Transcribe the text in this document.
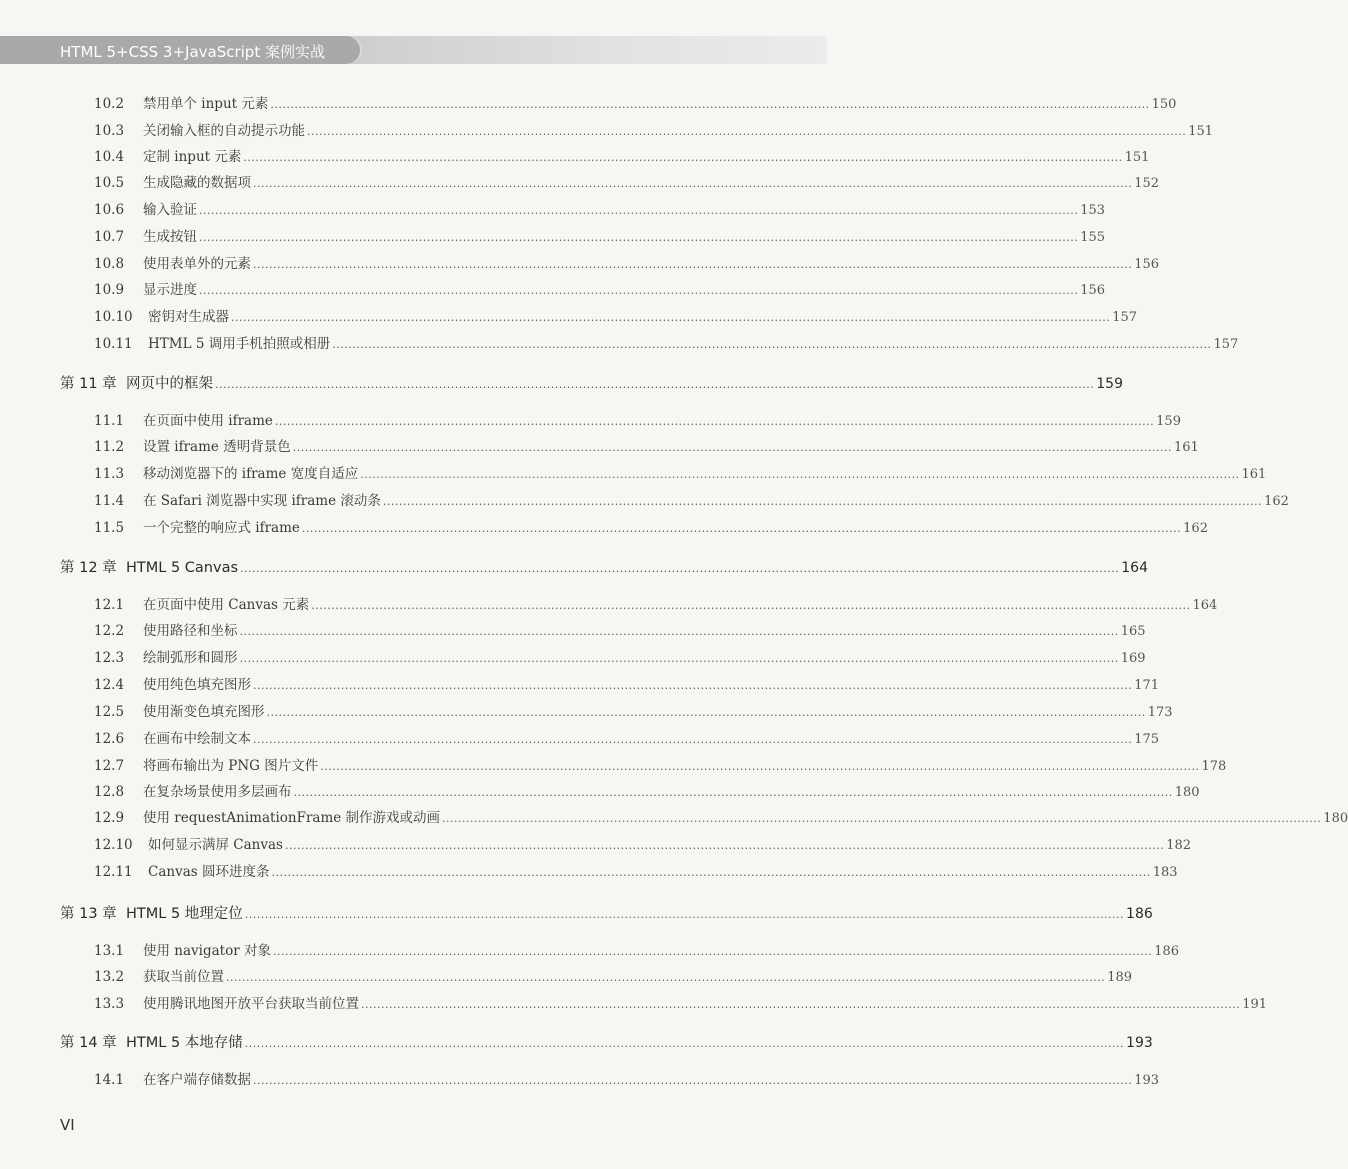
HTML 5+CSS 3+JavaScript 案例实战
10.2	禁用单个 input 元素 ............................................................................................................................................................................................................................ 150
10.3	关闭输入框的自动提示功能 ............................................................................................................................................................................................................................ 151
10.4	定制 input 元素 ............................................................................................................................................................................................................................ 151
10.5	生成隐藏的数据项 ............................................................................................................................................................................................................................ 152
10.6	输入验证 ............................................................................................................................................................................................................................ 153
10.7	生成按钮 ............................................................................................................................................................................................................................ 155
10.8	使用表单外的元素 ............................................................................................................................................................................................................................ 156
10.9	显示进度 ............................................................................................................................................................................................................................ 156
10.10 密钥对生成器 ............................................................................................................................................................................................................................ 157
10.11 HTML 5 调用手机拍照或相册 ............................................................................................................................................................................................................................ 157
第 11 章 网页中的框架 ............................................................................................................................................................................................................................ 159
11.1	在页面中使用 iframe ............................................................................................................................................................................................................................ 159
11.2	设置 iframe 透明背景色 ............................................................................................................................................................................................................................ 161
11.3	移动浏览器下的 iframe 宽度自适应 ............................................................................................................................................................................................................................ 161
11.4	在 Safari 浏览器中实现 iframe 滚动条 ............................................................................................................................................................................................................................ 162
11.5	一个完整的响应式 iframe ............................................................................................................................................................................................................................ 162
第 12 章 HTML 5 Canvas ............................................................................................................................................................................................................................ 164
12.1	在页面中使用 Canvas 元素 ............................................................................................................................................................................................................................ 164
12.2	使用路径和坐标 ............................................................................................................................................................................................................................ 165
12.3	绘制弧形和圆形 ............................................................................................................................................................................................................................ 169
12.4	使用纯色填充图形 ............................................................................................................................................................................................................................ 171
12.5	使用渐变色填充图形 ............................................................................................................................................................................................................................ 173
12.6	在画布中绘制文本 ............................................................................................................................................................................................................................ 175
12.7	将画布输出为 PNG 图片文件 ............................................................................................................................................................................................................................ 178
12.8	在复杂场景使用多层画布 ............................................................................................................................................................................................................................ 180
12.9	使用 requestAnimationFrame 制作游戏或动画 ............................................................................................................................................................................................................................ 180
12.10 如何显示满屏 Canvas ............................................................................................................................................................................................................................ 182
12.11 Canvas 圆环进度条 ............................................................................................................................................................................................................................ 183
第 13 章 HTML 5 地理定位 ............................................................................................................................................................................................................................ 186
13.1	使用 navigator 对象 ............................................................................................................................................................................................................................ 186
13.2	获取当前位置 ............................................................................................................................................................................................................................ 189
13.3	使用腾讯地图开放平台获取当前位置 ............................................................................................................................................................................................................................ 191
第 14 章 HTML 5 本地存储 ............................................................................................................................................................................................................................ 193
14.1	在客户端存储数据 ............................................................................................................................................................................................................................ 193
VI
